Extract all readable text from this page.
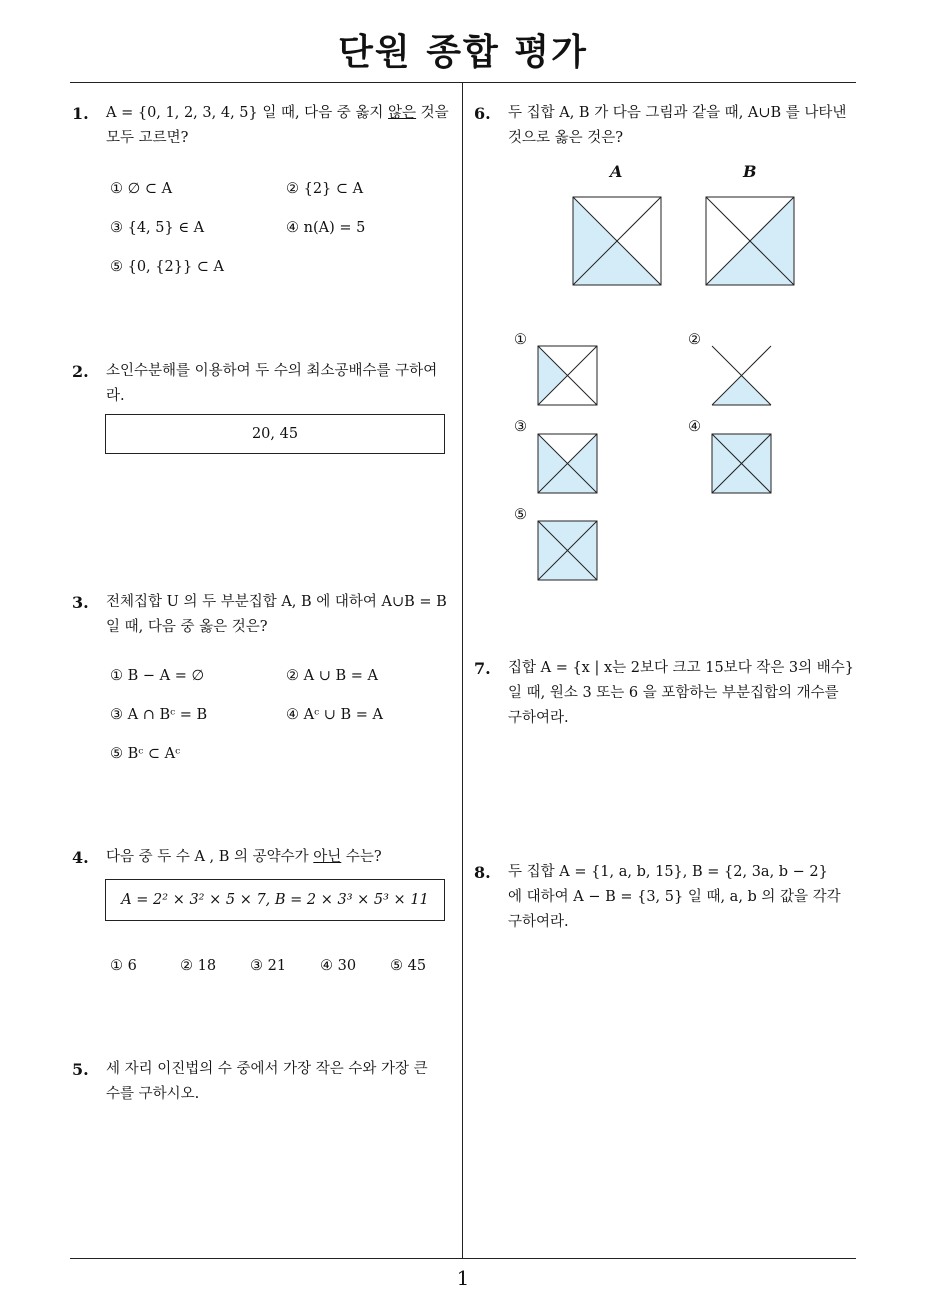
단원 종합 평가
1
1. A = {0, 1, 2, 3, 4, 5} 일 때, 다음 중 옳지 않은 것을
모두 고르면?
① ∅ ⊂ A	② {2} ⊂ A
③ {4, 5} ∈ A	④ n(A) = 5
⑤ {0, {2}} ⊂ A
2. 소인수분해를 이용하여 두 수의 최소공배수를 구하여
라.
20, 45
3. 전체집합 U 의 두 부분집합 A, B 에 대하여 A∪B = B
일 때, 다음 중 옳은 것은?
① B − A = ∅	② A ∪ B = A
③ A ∩ Bᶜ = B	④ Aᶜ ∪ B = A
⑤ Bᶜ ⊂ Aᶜ
4. 다음 중 두 수 A , B 의 공약수가 아닌 수는?
A = 2² × 3² × 5 × 7, B = 2 × 3³ × 5³ × 11
① 6	② 18 ③ 21 ④ 30 ⑤ 45
5. 세 자리 이진법의 수 중에서 가장 작은 수와 가장 큰
수를 구하시오.
6. 두 집합 A, B 가 다음 그림과 같을 때, A∪B 를 나타낸
것으로 옳은 것은?
A	B
①	②
③	④
⑤
7. 집합 A = {x | x는 2보다 크고 15보다 작은 3의 배수}
일 때, 원소 3 또는 6 을 포함하는 부분집합의 개수를
구하여라.
8. 두 집합 A = {1, a, b, 15}, B = {2, 3a, b − 2}
에 대하여 A − B = {3, 5} 일 때, a, b 의 값을 각각
구하여라.
